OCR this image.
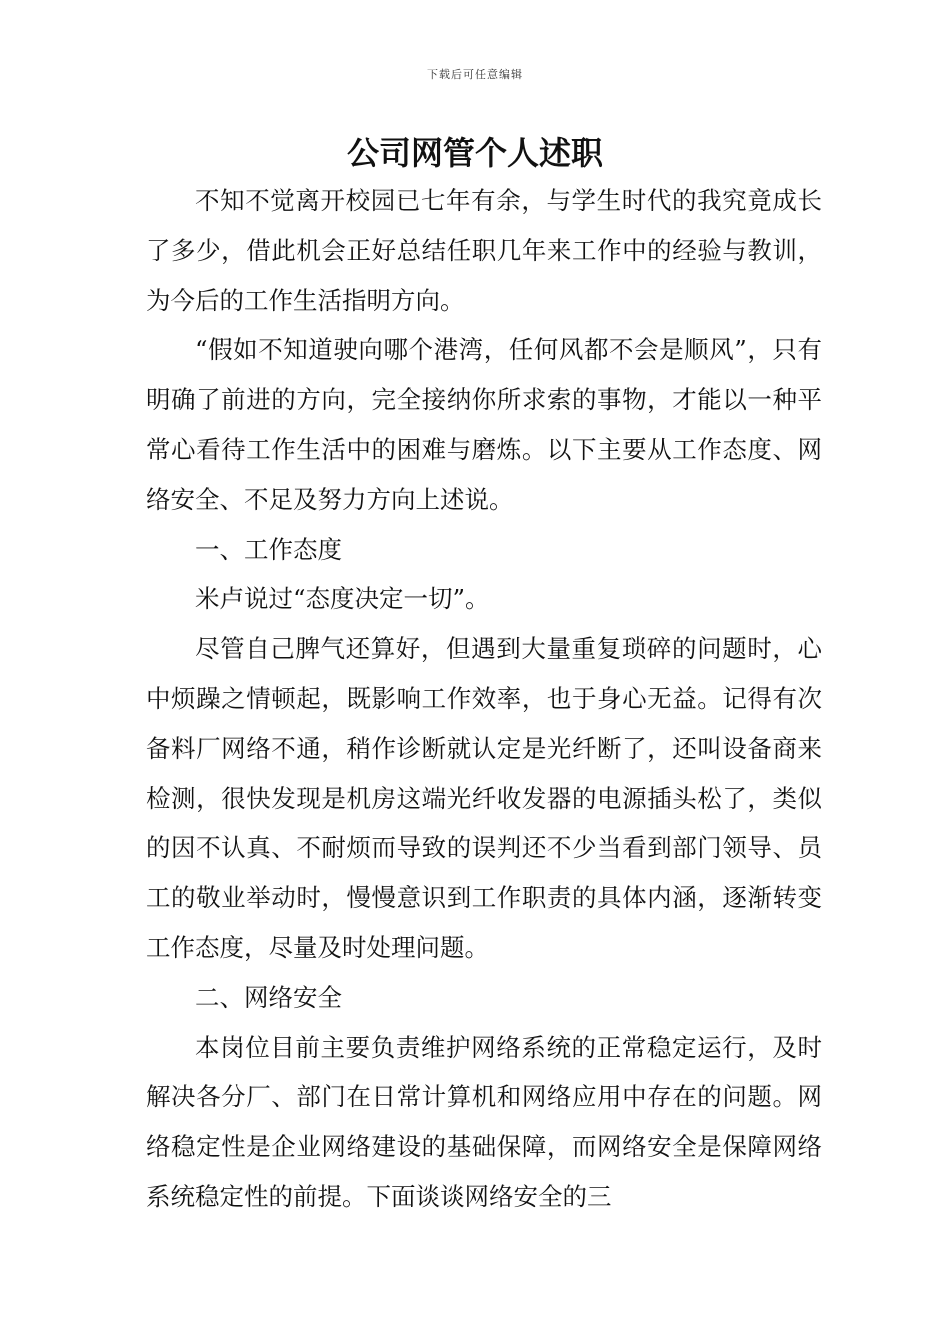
下载后可任意编辑
公司网管个人述职

不知不觉离开校园已七年有余，与学生时代的我究竟成长了多少，借此机会正好总结任职几年来工作中的经验与教训，为今后的工作生活指明方向。

“假如不知道驶向哪个港湾，任何风都不会是顺风”，只有明确了前进的方向，完全接纳你所求索的事物，才能以一种平常心看待工作生活中的困难与磨炼。以下主要从工作态度、网络安全、不足及努力方向上述说。

一、工作态度

米卢说过“态度决定一切”。

尽管自己脾气还算好，但遇到大量重复琐碎的问题时，心中烦躁之情顿起，既影响工作效率，也于身心无益。记得有次备料厂网络不通，稍作诊断就认定是光纤断了，还叫设备商来检测，很快发现是机房这端光纤收发器的电源插头松了，类似的因不认真、不耐烦而导致的误判还不少当看到部门领导、员工的敬业举动时，慢慢意识到工作职责的具体内涵，逐渐转变工作态度，尽量及时处理问题。

二、网络安全

本岗位目前主要负责维护网络系统的正常稳定运行，及时解决各分厂、部门在日常计算机和网络应用中存在的问题。网络稳定性是企业网络建设的基础保障，而网络安全是保障网络系统稳定性的前提。下面谈谈网络安全的三
